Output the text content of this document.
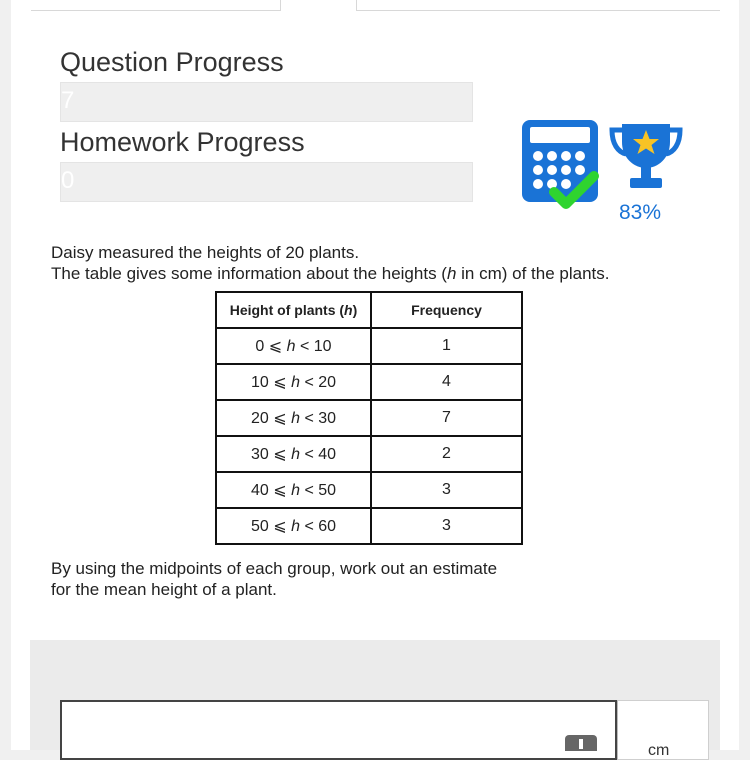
Question Progress
7
Homework Progress
0
83%
Daisy measured the heights of 20 plants.
The table gives some information about the heights (h in cm) of the plants.
Height of plants (h)	Frequency
0 ⩽ h < 10	1
10 ⩽ h < 20	4
20 ⩽ h < 30	7
30 ⩽ h < 40	2
40 ⩽ h < 50	3
50 ⩽ h < 60	3
By using the midpoints of each group, work out an estimate
for the mean height of a plant.
cm
